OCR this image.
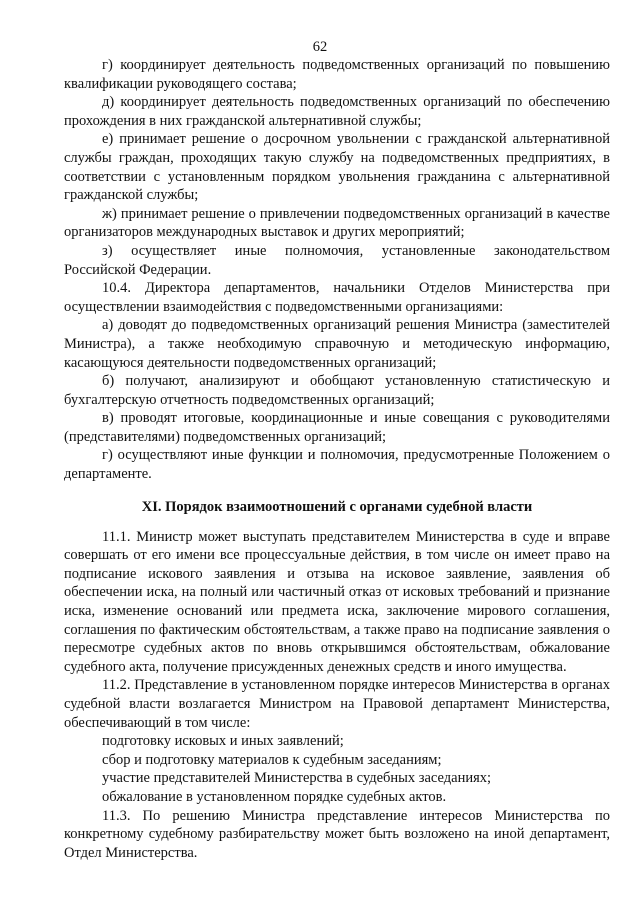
62

г) координирует деятельность подведомственных организаций по повышению квалификации руководящего состава;

д) координирует деятельность подведомственных организаций по обеспечению прохождения в них гражданской альтернативной службы;

е) принимает решение о досрочном увольнении с гражданской альтернативной службы граждан, проходящих такую службу на подведомственных предприятиях, в соответствии с установленным порядком увольнения гражданина с альтернативной гражданской службы;

ж) принимает решение о привлечении подведомственных организаций в качестве организаторов международных выставок и других мероприятий;

з) осуществляет иные полномочия, установленные законодательством Российской Федерации.

10.4. Директора департаментов, начальники Отделов Министерства при осуществлении взаимодействия с подведомственными организациями:

а) доводят до подведомственных организаций решения Министра (заместителей Министра), а также необходимую справочную и методическую информацию, касающуюся деятельности подведомственных организаций;

б) получают, анализируют и обобщают установленную статистическую и бухгалтерскую отчетность подведомственных организаций;

в) проводят итоговые, координационные и иные совещания с руководителями (представителями) подведомственных организаций;

г) осуществляют иные функции и полномочия, предусмотренные Положением о департаменте.

XI. Порядок взаимоотношений с органами судебной власти

11.1. Министр может выступать представителем Министерства в суде и вправе совершать от его имени все процессуальные действия, в том числе он имеет право на подписание искового заявления и отзыва на исковое заявление, заявления об обеспечении иска, на полный или частичный отказ от исковых требований и признание иска, изменение оснований или предмета иска, заключение мирового соглашения, соглашения по фактическим обстоятельствам, а также право на подписание заявления о пересмотре судебных актов по вновь открывшимся обстоятельствам, обжалование судебного акта, получение присужденных денежных средств и иного имущества.

11.2. Представление в установленном порядке интересов Министерства в органах судебной власти возлагается Министром на Правовой департамент Министерства, обеспечивающий в том числе:

подготовку исковых и иных заявлений;

сбор и подготовку материалов к судебным заседаниям;

участие представителей Министерства в судебных заседаниях;

обжалование в установленном порядке судебных актов.

11.3. По решению Министра представление интересов Министерства по конкретному судебному разбирательству может быть возложено на иной департамент, Отдел Министерства.
